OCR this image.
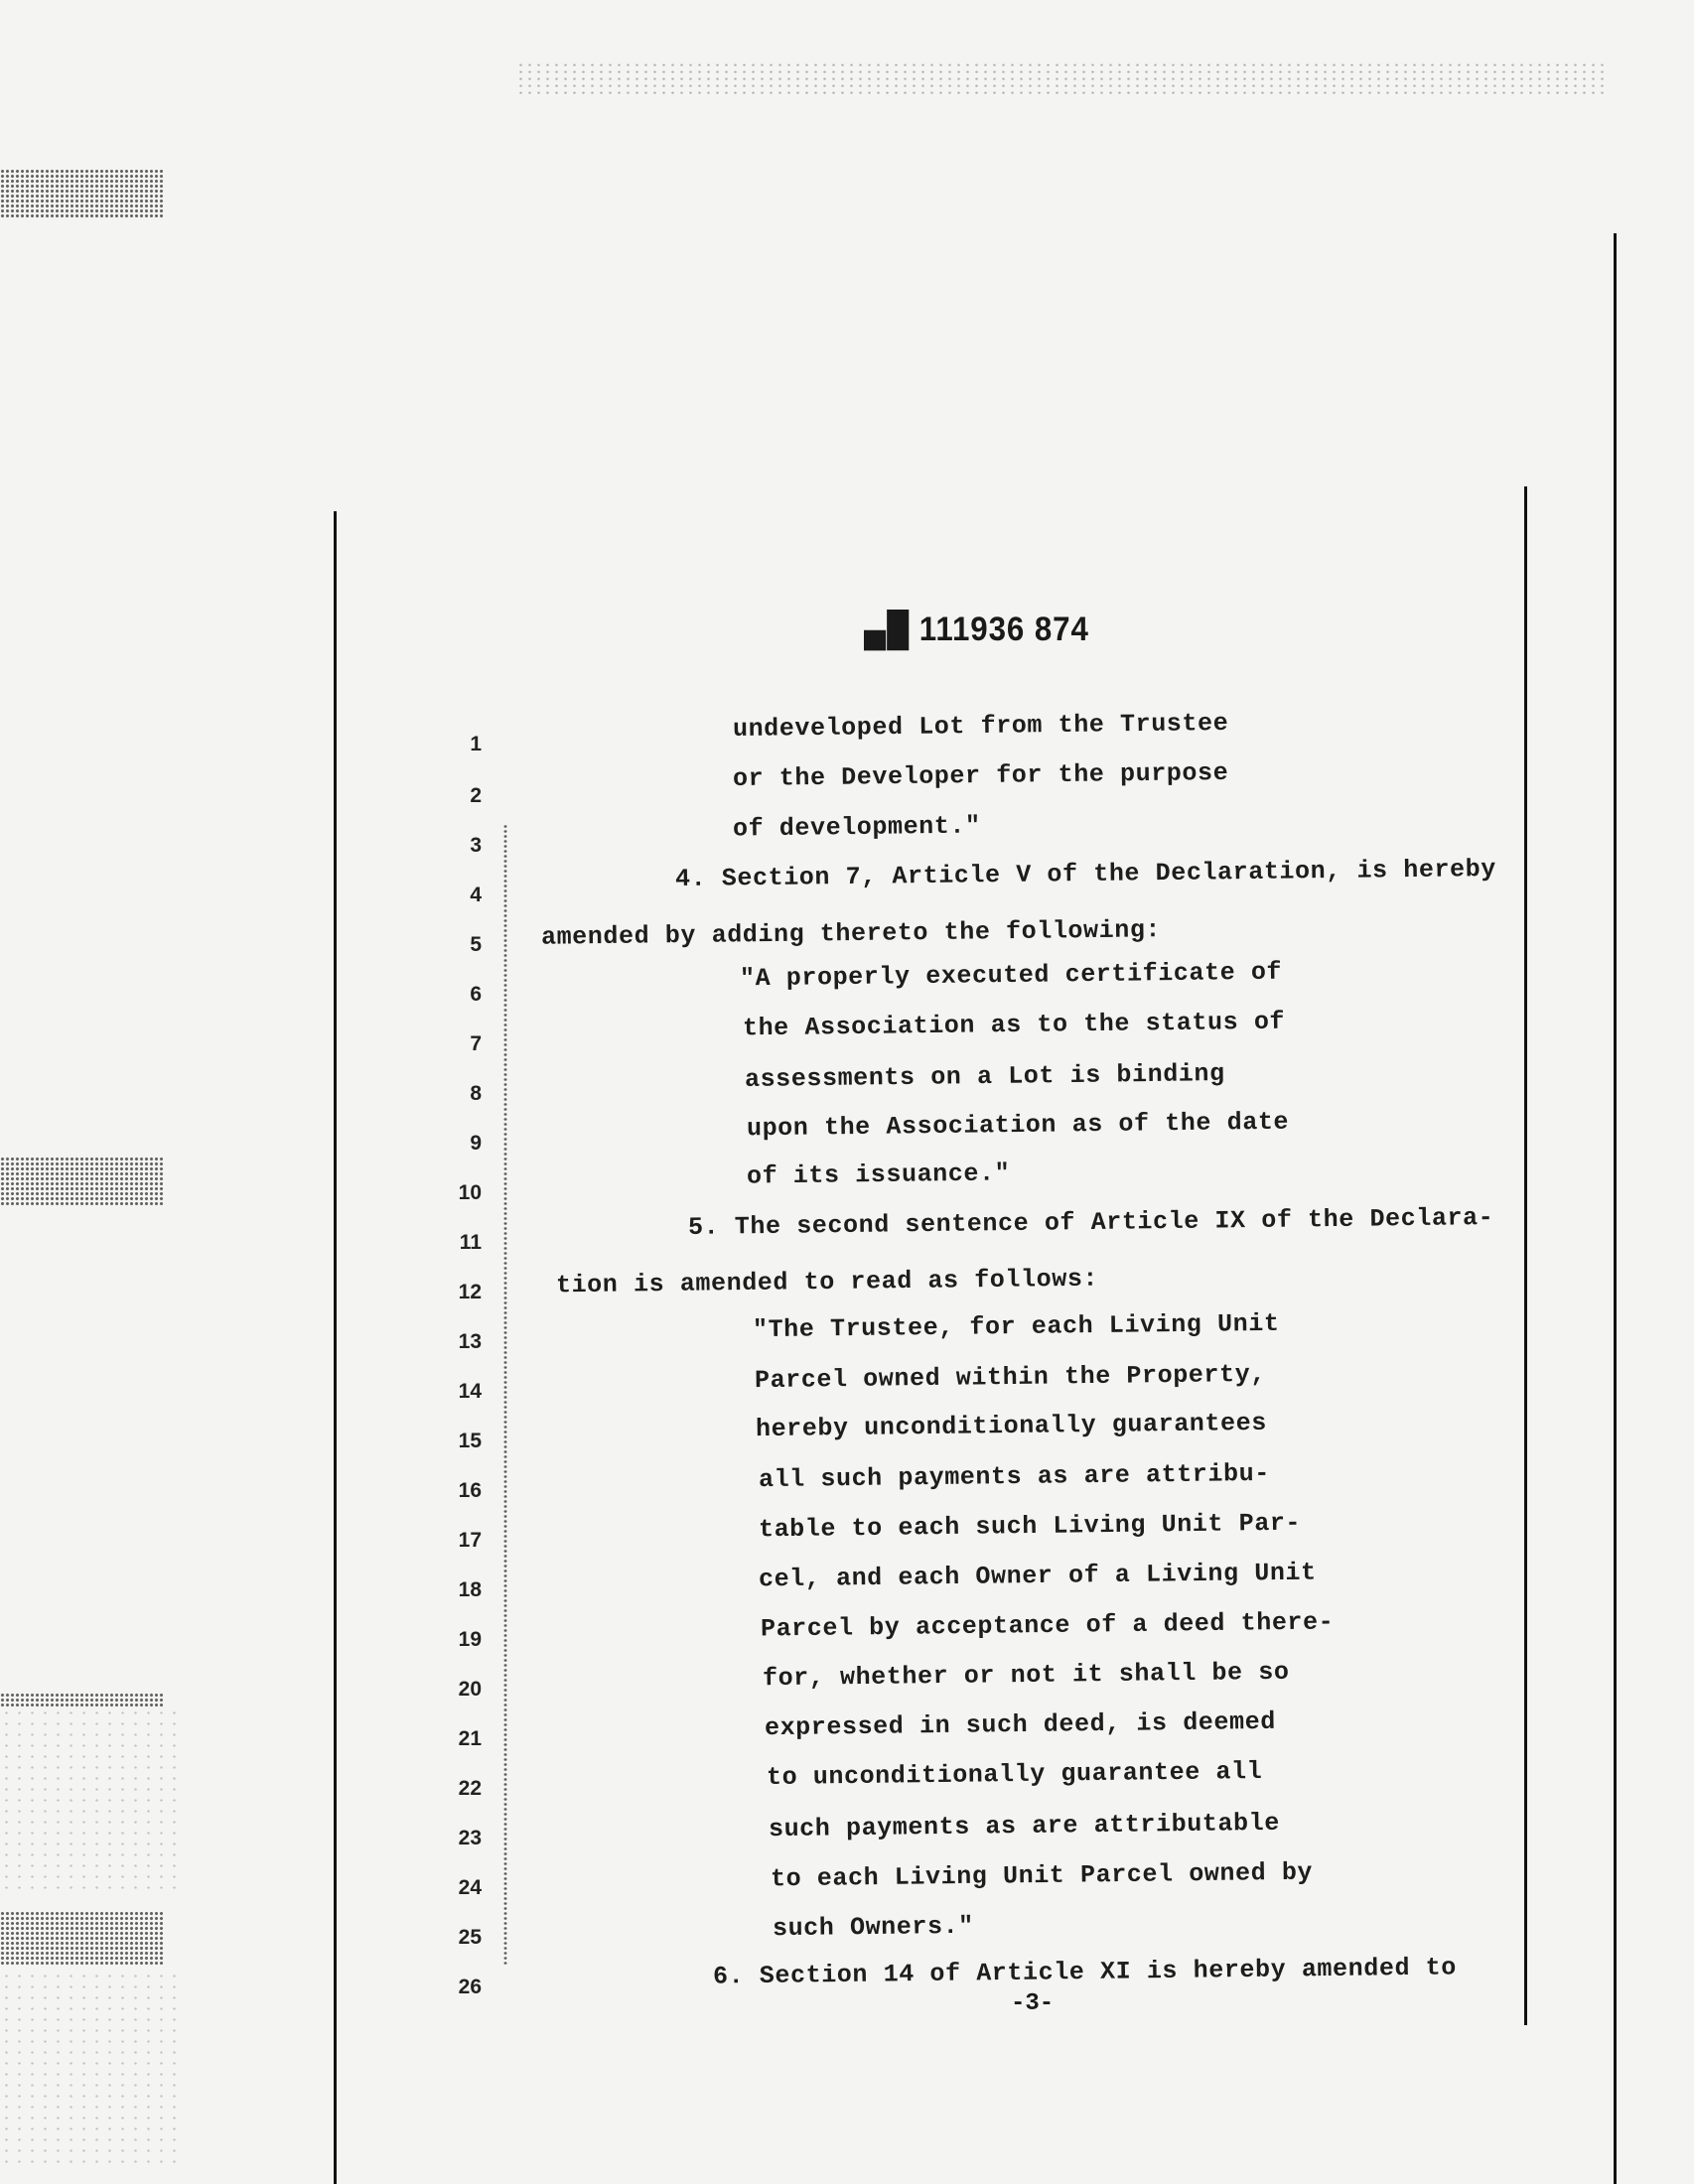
▄█ 111936 874
1
2
3
4
5
6
7
8
9
10
11
12
13
14
15
16
17
18
19
20
21
22
23
24
25
26
undeveloped Lot from the Trustee
or the Developer for the purpose
of development."
4. Section 7, Article V of the Declaration, is hereby
amended by adding thereto the following:
"A properly executed certificate of
the Association as to the status of
assessments on a Lot is binding
upon the Association as of the date
of its issuance."
5. The second sentence of Article IX of the Declara-
tion is amended to read as follows:
"The Trustee, for each Living Unit
Parcel owned within the Property,
hereby unconditionally guarantees
all such payments as are attribu-
table to each such Living Unit Par-
cel, and each Owner of a Living Unit
Parcel by acceptance of a deed there-
for, whether or not it shall be so
expressed in such deed, is deemed
to unconditionally guarantee all
such payments as are attributable
to each Living Unit Parcel owned by
such Owners."
6. Section 14 of Article XI is hereby amended to
-3-
